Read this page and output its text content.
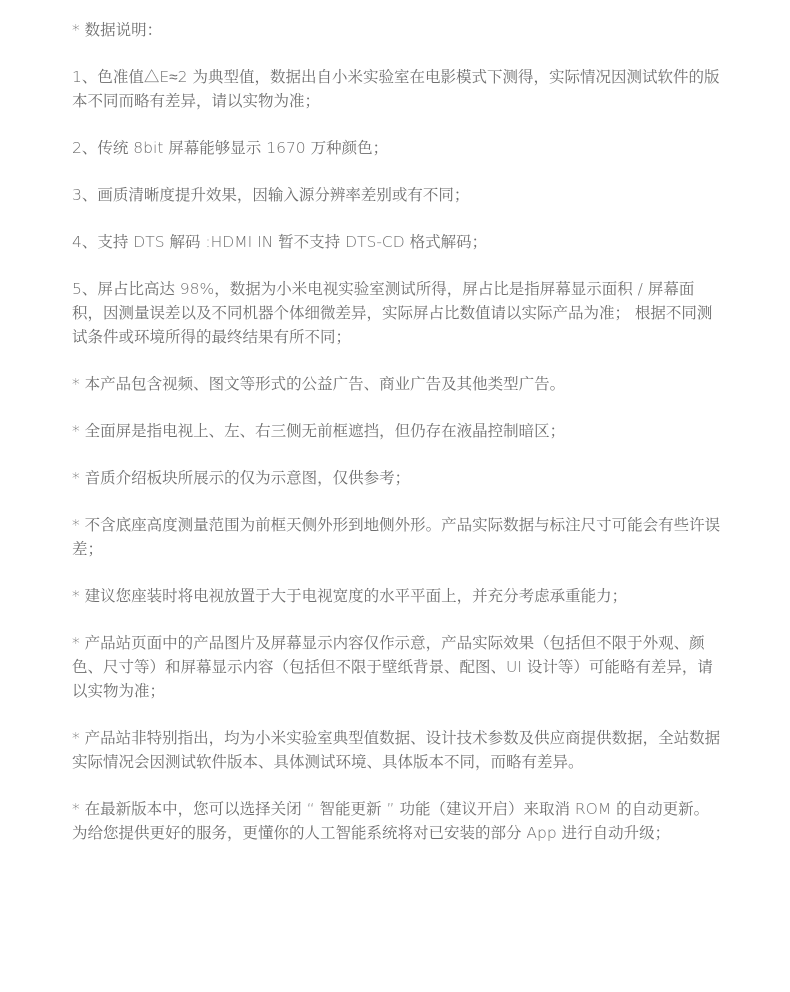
* 数据说明：

1、色准值△E≈2 为典型值，数据出自小米实验室在电影模式下测得，实际情况因测试软件的版本不同而略有差异，请以实物为准；

2、传统 8bit 屏幕能够显示 1670 万种颜色；

3、画质清晰度提升效果，因输入源分辨率差别或有不同；

4、支持 DTS 解码 :HDMI IN 暂不支持 DTS-CD 格式解码；

5、屏占比高达 98%，数据为小米电视实验室测试所得，屏占比是指屏幕显示面积 / 屏幕面积，因测量误差以及不同机器个体细微差异，实际屏占比数值请以实际产品为准； 根据不同测试条件或环境所得的最终结果有所不同；

* 本产品包含视频、图文等形式的公益广告、商业广告及其他类型广告。

* 全面屏是指电视上、左、右三侧无前框遮挡，但仍存在液晶控制暗区；

* 音质介绍板块所展示的仅为示意图，仅供参考；

* 不含底座高度测量范围为前框天侧外形到地侧外形。产品实际数据与标注尺寸可能会有些许误差；

* 建议您座装时将电视放置于大于电视宽度的水平平面上，并充分考虑承重能力；

* 产品站页面中的产品图片及屏幕显示内容仅作示意，产品实际效果（包括但不限于外观、颜色、尺寸等）和屏幕显示内容（包括但不限于壁纸背景、配图、UI 设计等）可能略有差异，请以实物为准；

* 产品站非特别指出，均为小米实验室典型值数据、设计技术参数及供应商提供数据，全站数据实际情况会因测试软件版本、具体测试环境、具体版本不同，而略有差异。

* 在最新版本中，您可以选择关闭 “ 智能更新 ” 功能（建议开启）来取消 ROM 的自动更新。为给您提供更好的服务，更懂你的人工智能系统将对已安装的部分 App 进行自动升级；
